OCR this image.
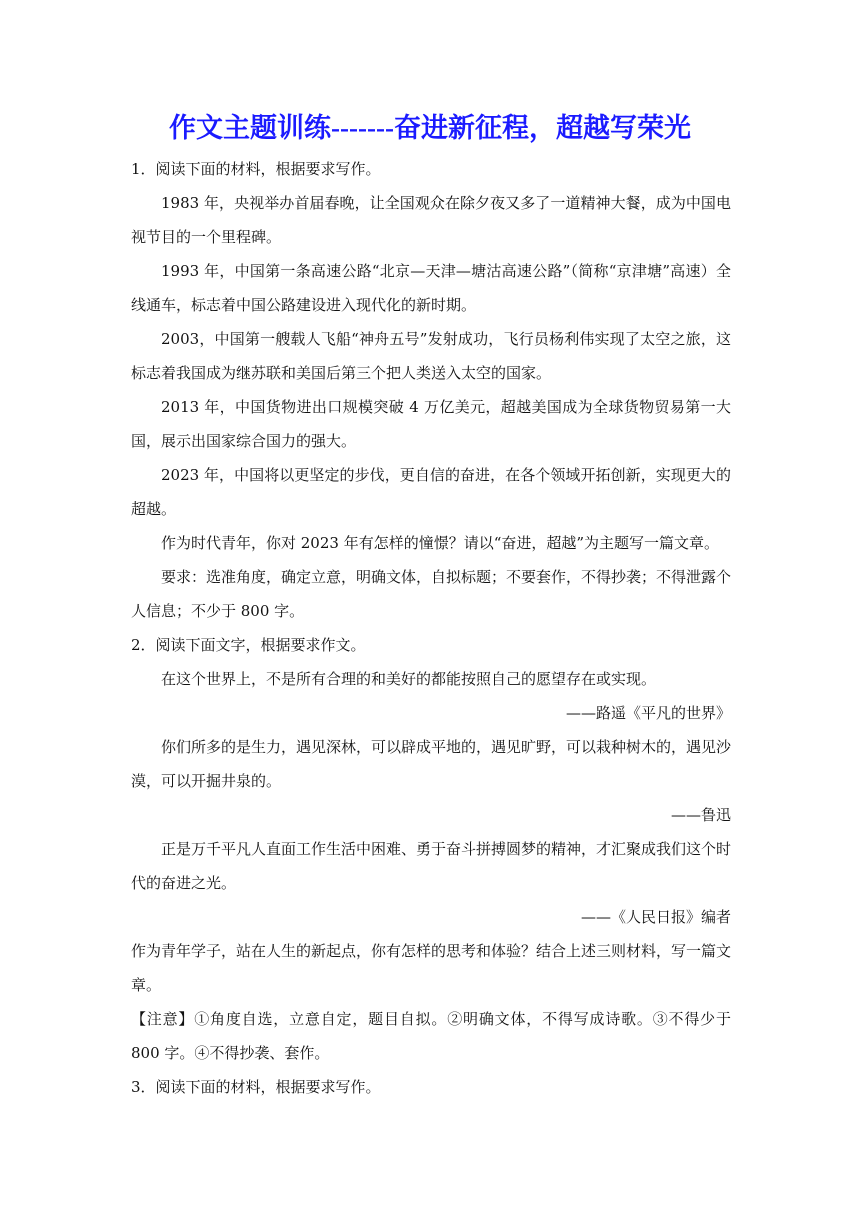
作文主题训练-------奋进新征程，超越写荣光

1．阅读下面的材料，根据要求写作。

1983 年，央视举办首届春晚，让全国观众在除夕夜又多了一道精神大餐，成为中国电视节目的一个里程碑。

1993 年，中国第一条高速公路“北京—天津—塘沽高速公路”（简称“京津塘”高速）全线通车，标志着中国公路建设进入现代化的新时期。

2003，中国第一艘载人飞船“神舟五号”发射成功，飞行员杨利伟实现了太空之旅，这标志着我国成为继苏联和美国后第三个把人类送入太空的国家。

2013 年，中国货物进出口规模突破 4 万亿美元，超越美国成为全球货物贸易第一大国，展示出国家综合国力的强大。

2023 年，中国将以更坚定的步伐，更自信的奋进，在各个领域开拓创新，实现更大的超越。

作为时代青年，你对 2023 年有怎样的憧憬？请以“奋进，超越”为主题写一篇文章。

要求：选准角度，确定立意，明确文体，自拟标题；不要套作，不得抄袭；不得泄露个人信息；不少于 800 字。

2．阅读下面文字，根据要求作文。

在这个世界上，不是所有合理的和美好的都能按照自己的愿望存在或实现。

——路遥《平凡的世界》

你们所多的是生力，遇见深林，可以辟成平地的，遇见旷野，可以栽种树木的，遇见沙漠，可以开掘井泉的。

——鲁迅

正是万千平凡人直面工作生活中困难、勇于奋斗拼搏圆梦的精神，才汇聚成我们这个时代的奋进之光。

——《人民日报》编者

作为青年学子，站在人生的新起点，你有怎样的思考和体验？结合上述三则材料，写一篇文章。

【注意】①角度自选，立意自定，题目自拟。②明确文体，不得写成诗歌。③不得少于 800 字。④不得抄袭、套作。

3．阅读下面的材料，根据要求写作。
